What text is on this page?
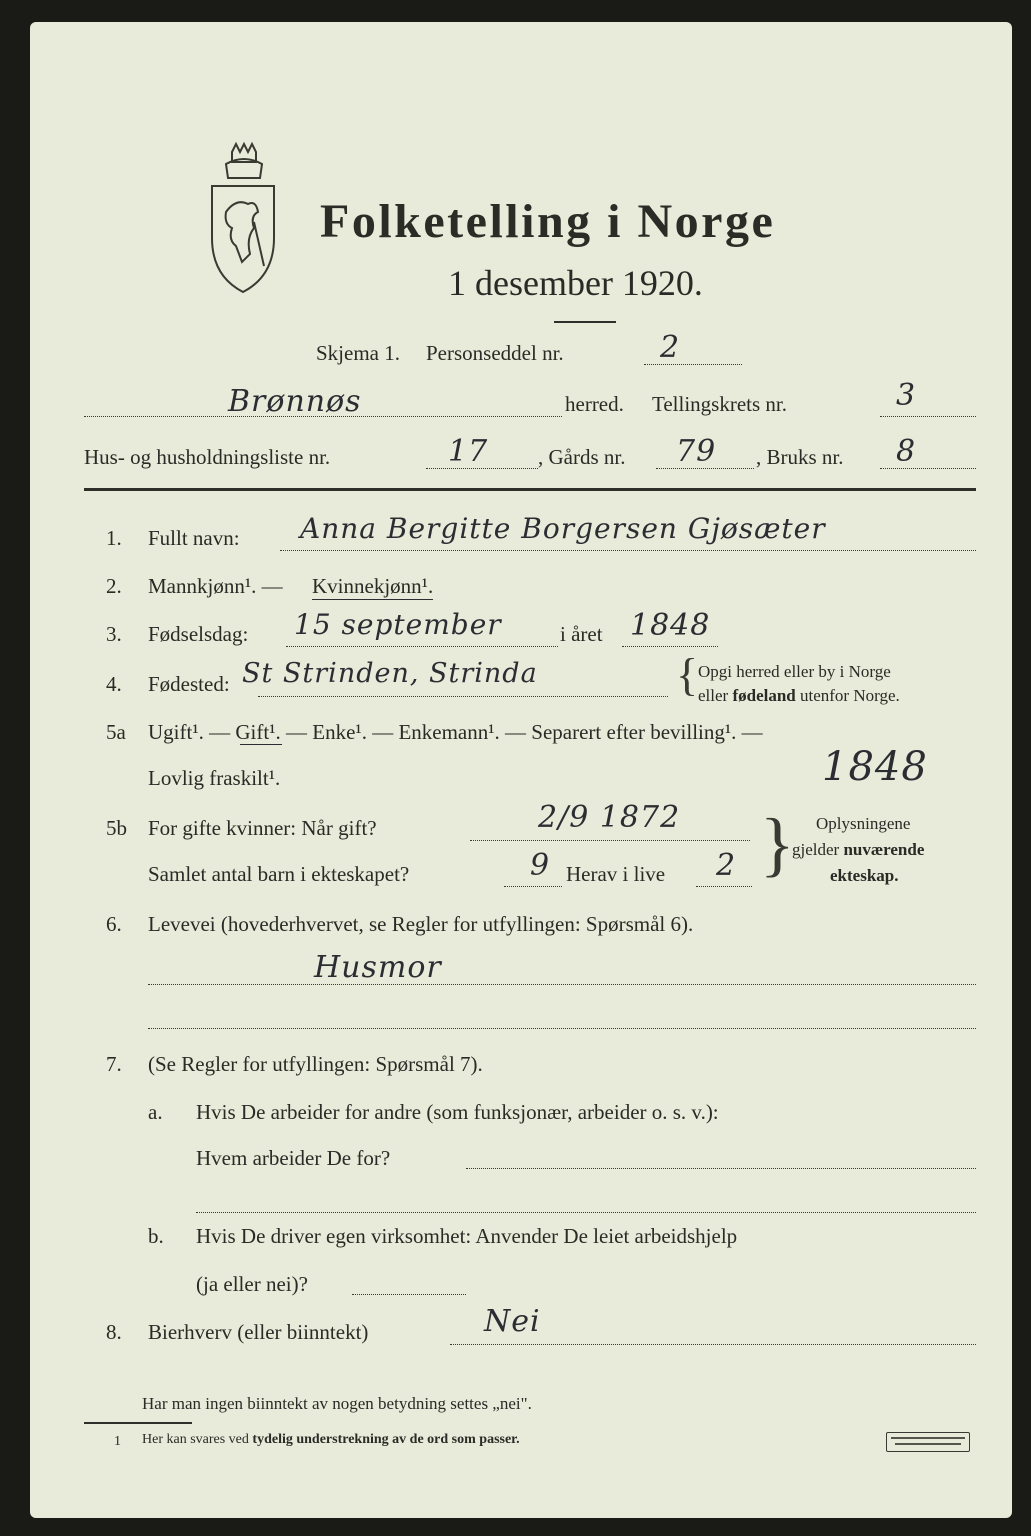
Folketelling i Norge
1 desember 1920.
Skjema 1. Personseddel nr.	2
Brønnøs	herred. Tellingskrets nr.	3
Hus- og husholdningsliste nr.	17 , Gårds nr. 79 , Bruks nr. 8
1.	Fullt navn: Anna Bergitte Borgersen Gjøsæter
2.	Mannkjønn¹. — Kvinnekjønn¹.
3.	Fødselsdag: 15 september	i året 1848
4.	Fødested: St Strinden, Strinda	{ Opgi herred eller by i Norge
eller fødeland utenfor Norge.
5a	Ugift¹. — Gift¹. — Enke¹. — Enkemann¹. — Separert efter bevilling¹. —
Lovlig fraskilt¹.	1848
5b	For gifte kvinner: Når gift?	2/9 1872
Samlet antal barn i ekteskapet?	9 Herav i live 2 } Oplysningene
gjelder nuværende
ekteskap.
6.	Levevei (hovederhvervet, se Regler for utfyllingen: Spørsmål 6).
Husmor
7.	(Se Regler for utfyllingen: Spørsmål 7).
a. Hvis De arbeider for andre (som funksjonær, arbeider o. s. v.):
Hvem arbeider De for?
b. Hvis De driver egen virksomhet: Anvender De leiet arbeidshjelp
(ja eller nei)?
8.	Bierhverv (eller biinntekt)	Nei
Har man ingen biinntekt av nogen betydning settes „nei".
1 Her kan svares ved tydelig understrekning av de ord som passer.
